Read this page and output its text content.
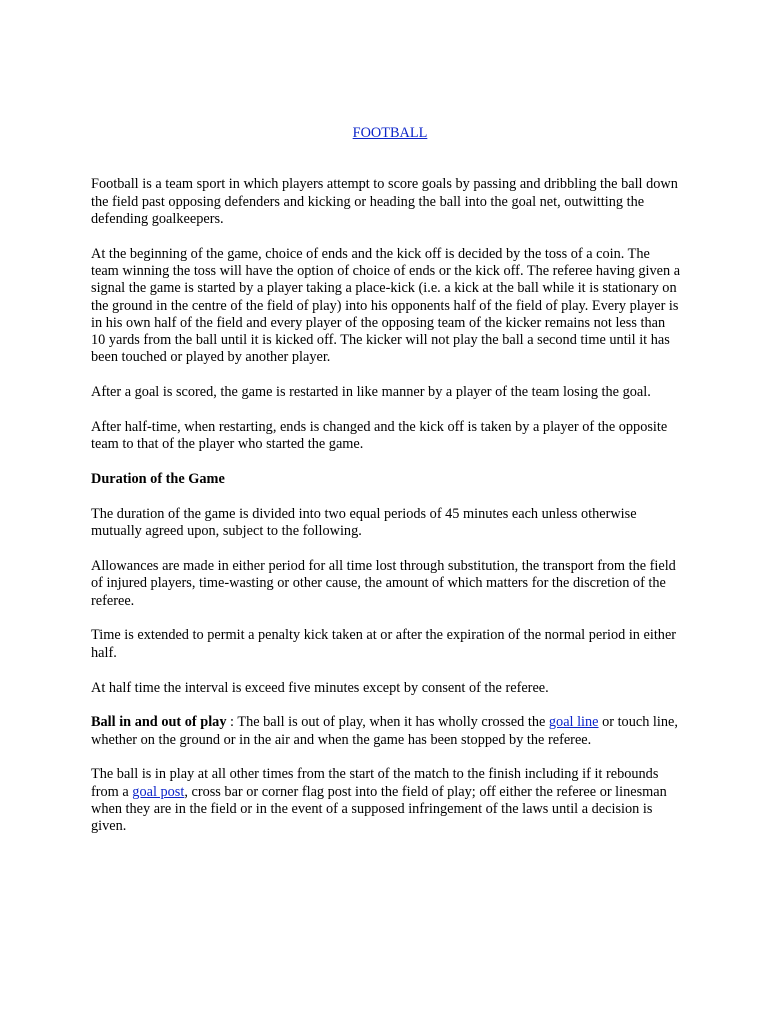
FOOTBALL

Football is a team sport in which players attempt to score goals by passing and dribbling the ball down the field past opposing defenders and kicking or heading the ball into the goal net, outwitting the defending goalkeepers.

At the beginning of the game, choice of ends and the kick off is decided by the toss of a coin. The team winning the toss will have the option of choice of ends or the kick off. The referee having given a signal the game is started by a player taking a place-kick (i.e. a kick at the ball while it is stationary on the ground in the centre of the field of play) into his opponents half of the field of play. Every player is in his own half of the field and every player of the opposing team of the kicker remains not less than 10 yards from the ball until it is kicked off. The kicker will not play the ball a second time until it has been touched or played by another player.

After a goal is scored, the game is restarted in like manner by a player of the team losing the goal.

After half-time, when restarting, ends is changed and the kick off is taken by a player of the opposite team to that of the player who started the game.

Duration of the Game

The duration of the game is divided into two equal periods of 45 minutes each unless otherwise mutually agreed upon, subject to the following.

Allowances are made in either period for all time lost through substitution, the transport from the field of injured players, time-wasting or other cause, the amount of which matters for the discretion of the referee.

Time is extended to permit a penalty kick taken at or after the expiration of the normal period in either half.

At half time the interval is exceed five minutes except by consent of the referee.

Ball in and out of play : The ball is out of play, when it has wholly crossed the goal line or touch line, whether on the ground or in the air and when the game has been stopped by the referee.

The ball is in play at all other times from the start of the match to the finish including if it rebounds from a goal post, cross bar or corner flag post into the field of play; off either the referee or linesman when they are in the field or in the event of a supposed infringement of the laws until a decision is given.
